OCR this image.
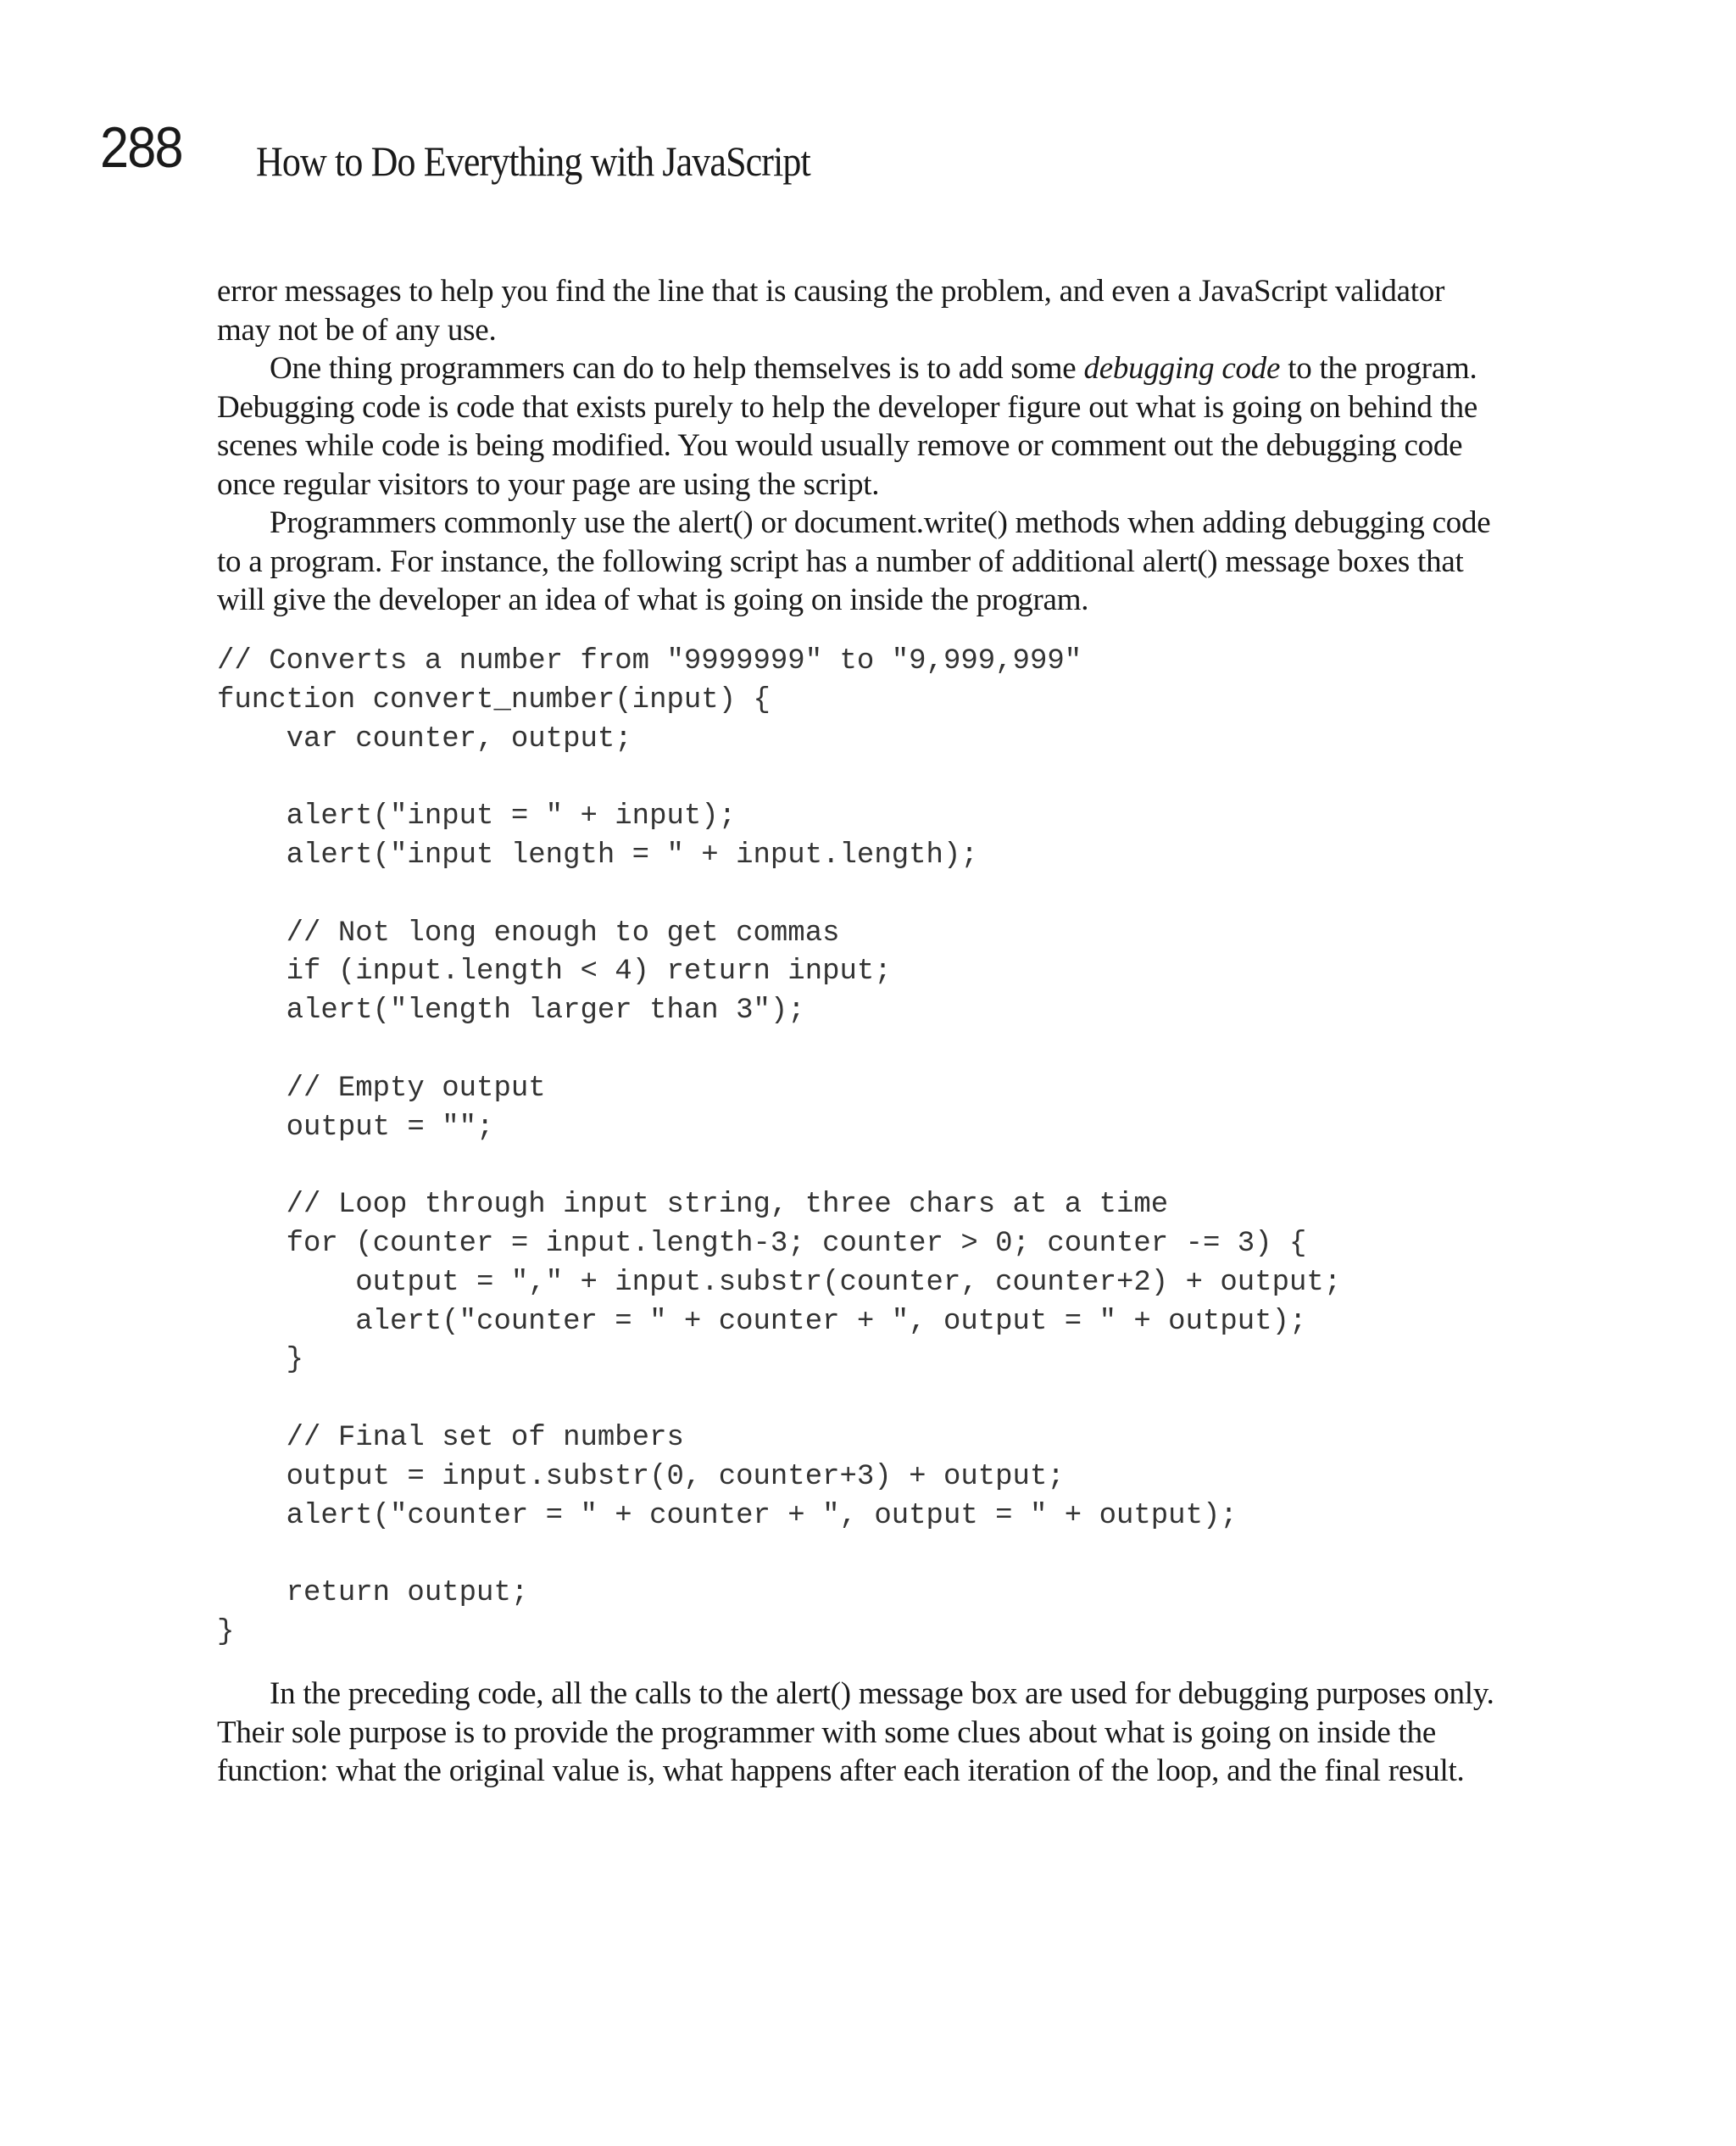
288 How to Do Everything with JavaScript

error messages to help you find the line that is causing the problem, and even a JavaScript validator may not be of any use.

One thing programmers can do to help themselves is to add some debugging code to the program. Debugging code is code that exists purely to help the developer figure out what is going on behind the scenes while code is being modified. You would usually remove or comment out the debugging code once regular visitors to your page are using the script.

Programmers commonly use the alert() or document.write() methods when adding debugging code to a program. For instance, the following script has a number of additional alert() message boxes that will give the developer an idea of what is going on inside the program.

// Converts a number from "9999999" to "9,999,999"
function convert_number(input) {
var counter, output;
alert("input = " + input);
alert("input length = " + input.length);
// Not long enough to get commas
if (input.length < 4) return input;
alert("length larger than 3");
// Empty output
output = "";
// Loop through input string, three chars at a time
for (counter = input.length-3; counter > 0; counter -= 3) {
output = "," + input.substr(counter, counter+2) + output;
alert("counter = " + counter + ", output = " + output);
}
// Final set of numbers
output = input.substr(0, counter+3) + output;
alert("counter = " + counter + ", output = " + output);
return output;
}

In the preceding code, all the calls to the alert() message box are used for debugging purposes only. Their sole purpose is to provide the programmer with some clues about what is going on inside the function: what the original value is, what happens after each iteration of the loop, and the final result.
